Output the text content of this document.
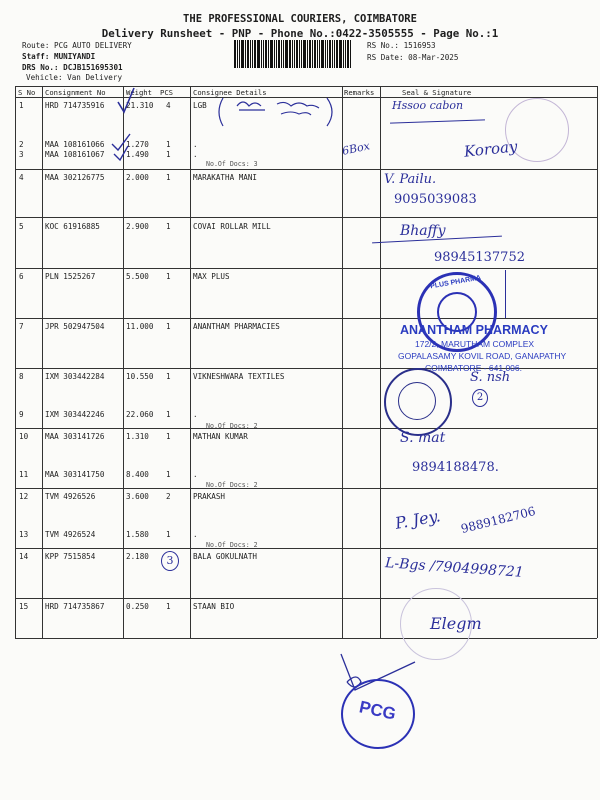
THE PROFESSIONAL COURIERS, COIMBATORE
Delivery Runsheet - PNP - Phone No.:0422-3505555 - Page No.:1
Route: PCG AUTO DELIVERY
Staff: MUNIYANDI
DRS No.: DCJB151695301
Vehicle: Van Delivery
RS No.: 1516953
RS Date: 08-Mar-2025
S No Consignment No	Weight PCS	Consignee Details	Remarks	Seal & Signature
1	HRD 714735916	21.310 4	LGB
2	MAA 108161066	1.270 1	.
3	MAA 108161067	1.490 1	.
No.Of Docs: 3
4	MAA 302126775	2.000 1	MARAKATHA MANI
5	KOC 61916885	2.900 1	COVAI ROLLAR MILL
6	PLN 1525267	5.500 1	MAX PLUS
7	JPR 502947504	11.000 1	ANANTHAM PHARMACIES
8	IXM 303442284	10.550 1	VIKNESHWARA TEXTILES
9	IXM 303442246	22.060 1	.
No.Of Docs: 2
10 MAA 303141726	1.310 1	MATHAN KUMAR
11 MAA 303141750	8.400 1	.
No.Of Docs: 2
12 TVM 4926526	3.600 2	PRAKASH
13 TVM 4926524	1.580 1	.
No.Of Docs: 2
14 KPP 7515854	2.180	BALA GOKULNATH
15 HRD 714735867	0.250 1	STAAN BIO
6Box
Hssoo cabon
Koroay
V. Pailu.
9095039083
Bhaffy
98945137752
PLUS PHARMA
ANANTHAM PHARMACY
172/2, MARUTHAM COMPLEX
GOPALASAMY KOVIL ROAD, GANAPATHY
COIMBATORE - 641 006.
S. nsh
2
S. mat
9894188478.
P. Jey. 9889182706
L-Bgs /7904998721
3
Elegm
PCG
